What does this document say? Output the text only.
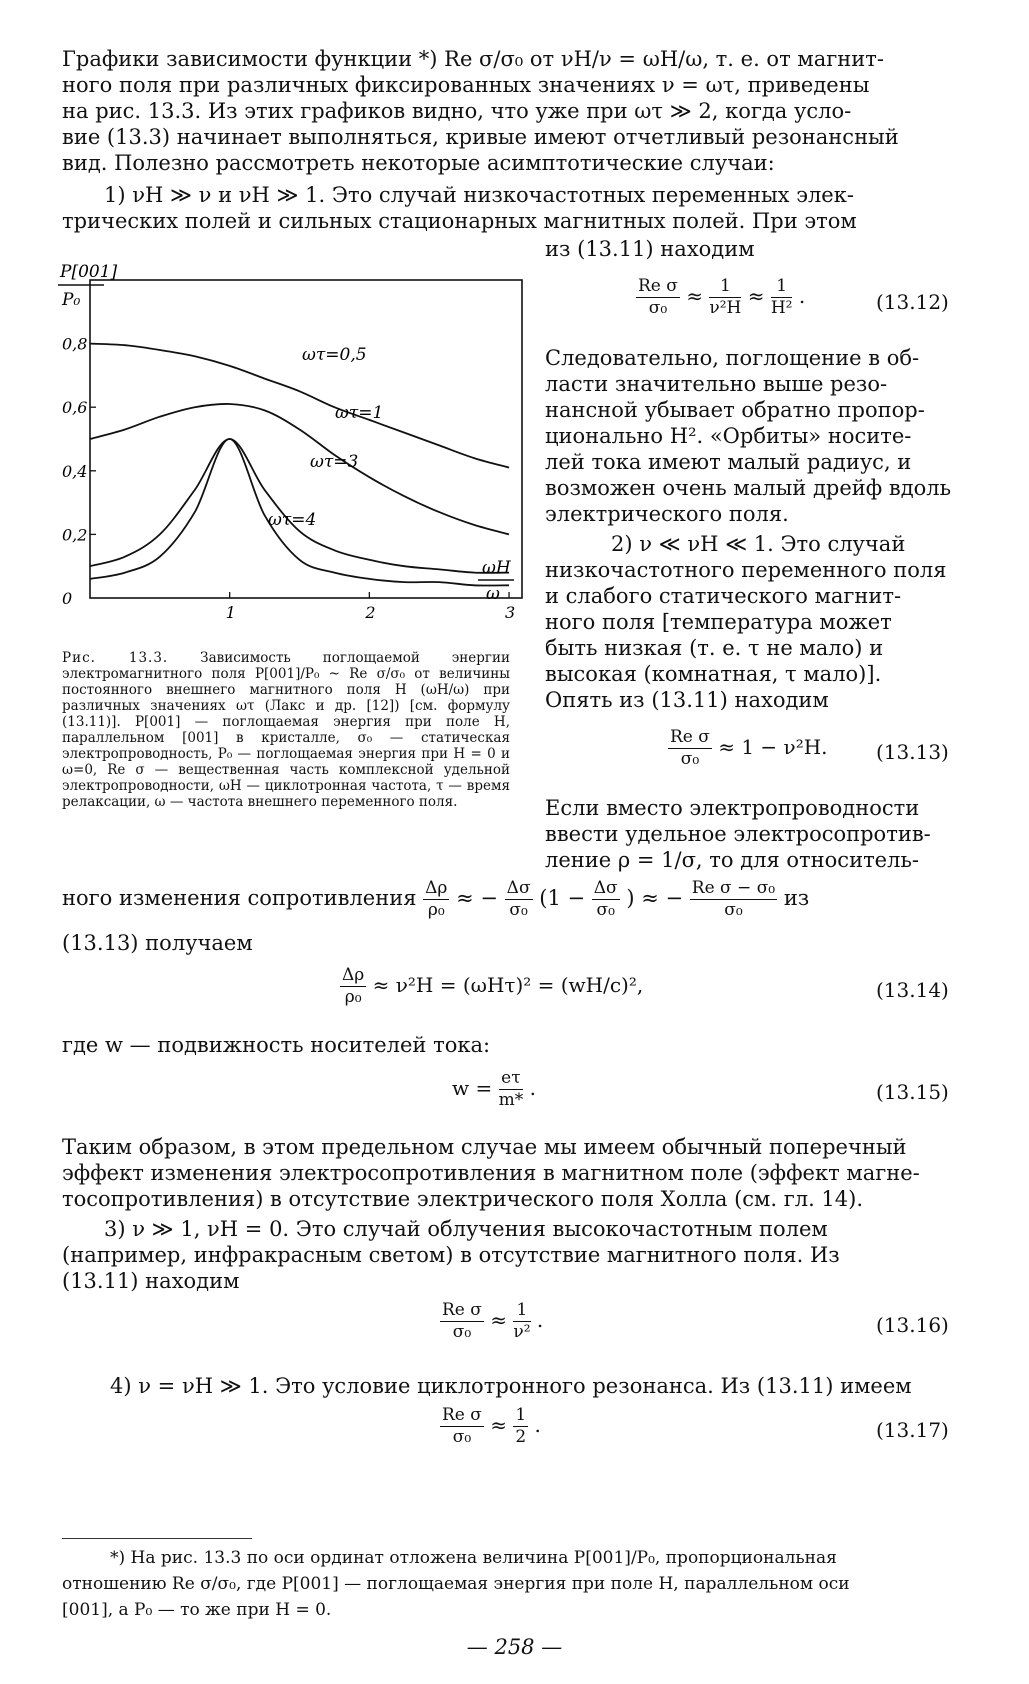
Графики зависимости функции *) Re σ/σ₀ от νH/ν = ωH/ω, т. е. от магнит-
ного поля при различных фиксированных значениях ν = ωτ, приведены
на рис. 13.3. Из этих графиков видно, что уже при ωτ ≫ 2, когда усло-
вие (13.3) начинает выполняться, кривые имеют отчетливый резонансный
вид. Полезно рассмотреть некоторые асимптотические случаи:
1) νH ≫ ν и νH ≫ 1. Это случай низкочастотных переменных элек-
трических полей и сильных стационарных магнитных полей. При этом
P[001]
P₀
0,8
0,6
0,4
0,2
0
1	2	3
ωτ=0,5
ωτ=1
ωτ=3
ωτ=4
ωH
ω
Рис. 13.3. Зависимость поглощаемой энергии электромагнитного поля P[001]/P₀ ~ Re σ/σ₀ от величины постоянного внешнего магнитного поля H (ωH/ω) при различных значениях ωτ (Лакс и др. [12]) [см. формулу (13.11)]. P[001] — поглощаемая энергия при поле H, параллельном [001] в кристалле, σ₀ — статическая электропроводность, P₀ — поглощаемая энергия при H = 0 и ω=0, Re σ — вещественная часть комплексной удельной электропроводности, ωH — циклотронная частота, τ — время релаксации, ω — частота внешнего переменного поля.
из (13.11) находим
$\frac{\text{Re σ}}{\text{σ₀}} \approx \frac{1}{\text{ν²H}} \approx \frac{1}{\text{H²}}$ .	(13.12)
Следовательно, поглощение в об-
ласти значительно выше резо-
нансной убывает обратно пропор-
ционально H². «Орбиты» носите-
лей тока имеют малый радиус, и
возможен очень малый дрейф вдоль
электрического поля.
2) ν ≪ νH ≪ 1. Это случай
низкочастотного переменного поля
и слабого статического магнит-
ного поля [температура может
быть низкая (т. е. τ не мало) и
высокая (комнатная, τ мало)].
Опять из (13.11) находим
$\frac{\text{Re σ}}{\text{σ₀}} \approx 1 - \nu^2H$. (13.13)
Если вместо электропроводности
ввести удельное электросопротив-
ление ρ = 1/σ, то для относитель-
ного изменения сопротивления $\frac{\Delta\rho}{\text{ρ₀}}$ ≈ − $\frac{\Delta\sigma}{\text{σ₀}} (1 - \frac{\Delta\sigma}{\text{σ₀}}$ ) ≈ − $\frac{\text{Re σ − σ₀}}{\text{σ₀}}$ из
(13.13) получаем
$\frac{\Delta\rho}{\text{ρ₀}} \approx \nu^2H = (\omega H\tau)^2 = (wH/c)^2$,	(13.14)
где w — подвижность носителей тока:
$w = \frac{e\tau}{m*}$ .	(13.15)
Таким образом, в этом предельном случае мы имеем обычный поперечный
эффект изменения электросопротивления в магнитном поле (эффект магне-
тосопротивления) в отсутствие электрического поля Холла (см. гл. 14).
3) ν ≫ 1, νH = 0. Это случай облучения высокочастотным полем
(например, инфракрасным светом) в отсутствие магнитного поля. Из
(13.11) находим
$\frac{\text{Re σ}}{\text{σ₀}} \approx \frac{1}{\text{ν²}}$ .	(13.16)
4) ν = νH ≫ 1. Это условие циклотронного резонанса. Из (13.11) имеем
$\frac{\text{Re σ}}{\text{σ₀}} \approx \frac{1}{2}$ .	(13.17)
*) На рис. 13.3 по оси ординат отложена величина P[001]/P₀, пропорциональная
отношению Re σ/σ₀, где P[001] — поглощаемая энергия при поле H, параллельном оси
[001], а P₀ — то же при H = 0.
— 258 —
